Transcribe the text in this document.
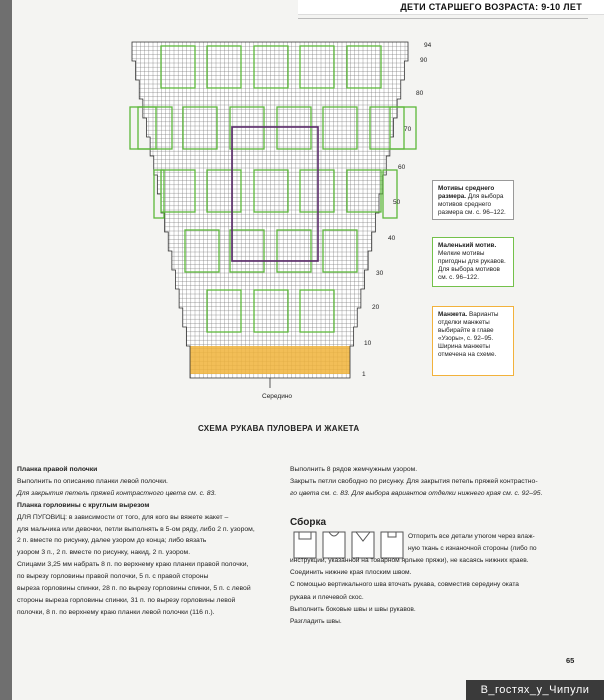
ДЕТИ СТАРШЕГО ВОЗРАСТА: 9-10 ЛЕТ
94
90
80
70
60
50
40
30
20
10
1
Мотивы среднего размера. Для выбора мотивов среднего размера см. с. 96–122.
Маленький мотив. Мелкие мотивы пригодны для рукавов. Для выбора мотивов см. с. 96–122.
Манжета. Варианты отделки манжеты выбирайте в главе «Узоры», с. 92–95. Ширина манжеты отмечена на схеме.
Середино
СХЕМА РУКАВА ПУЛОВЕРА И ЖАКЕТА
Планка правой полочки
Выполнить по описанию планки левой полочки.
Для закрытия петель пряжей контрастного цвета см. с. 83.
Планка горловины с круглым вырезом
ДЛЯ ПУГОВИЦ: в зависимости от того, для кого вы вяжете жакет –
для мальчика или девочки, петли выполнять в 5-ом ряду, либо 2 п. узором,
2 п. вместе по рисунку, далее узором до конца; либо вязать
узором 3 п., 2 п. вместе по рисунку, накид, 2 п. узором.
Спицами 3,25 мм набрать 8 п. по верхнему краю планки правой полочки,
по вырезу горловины правой полочки, 5 п. с правой стороны
выреза горловины спинки, 28 п. по вырезу горловины спинки, 5 п. с левой
стороны выреза горловины спинки, 31 п. по вырезу горловины левой
полочки, 8 п. по верхнему краю планки левой полочки (116 п.).
Выполнить 8 рядов жемчужным узором.
Закрыть петли свободно по рисунку. Для закрытия петель пряжей контрастно-
го цвета см. с. 83. Для выбора вариантов отделки нижнего края см. с. 92–95.
Сборка
Отпорить все детали утюгом через влаж-
ную ткань с изнаночной стороны (либо по
инструкции, указанной на товарном ярлыке пряжи), не касаясь нижних краев.
Соединить нижние края плоским швом.
С помощью вертикального шва вточать рукава, совместив середину оката
рукава и плечевой скос.
Выполнить боковые швы и швы рукавов.
Разгладить швы.
65
В_гостях_у_Чипули
